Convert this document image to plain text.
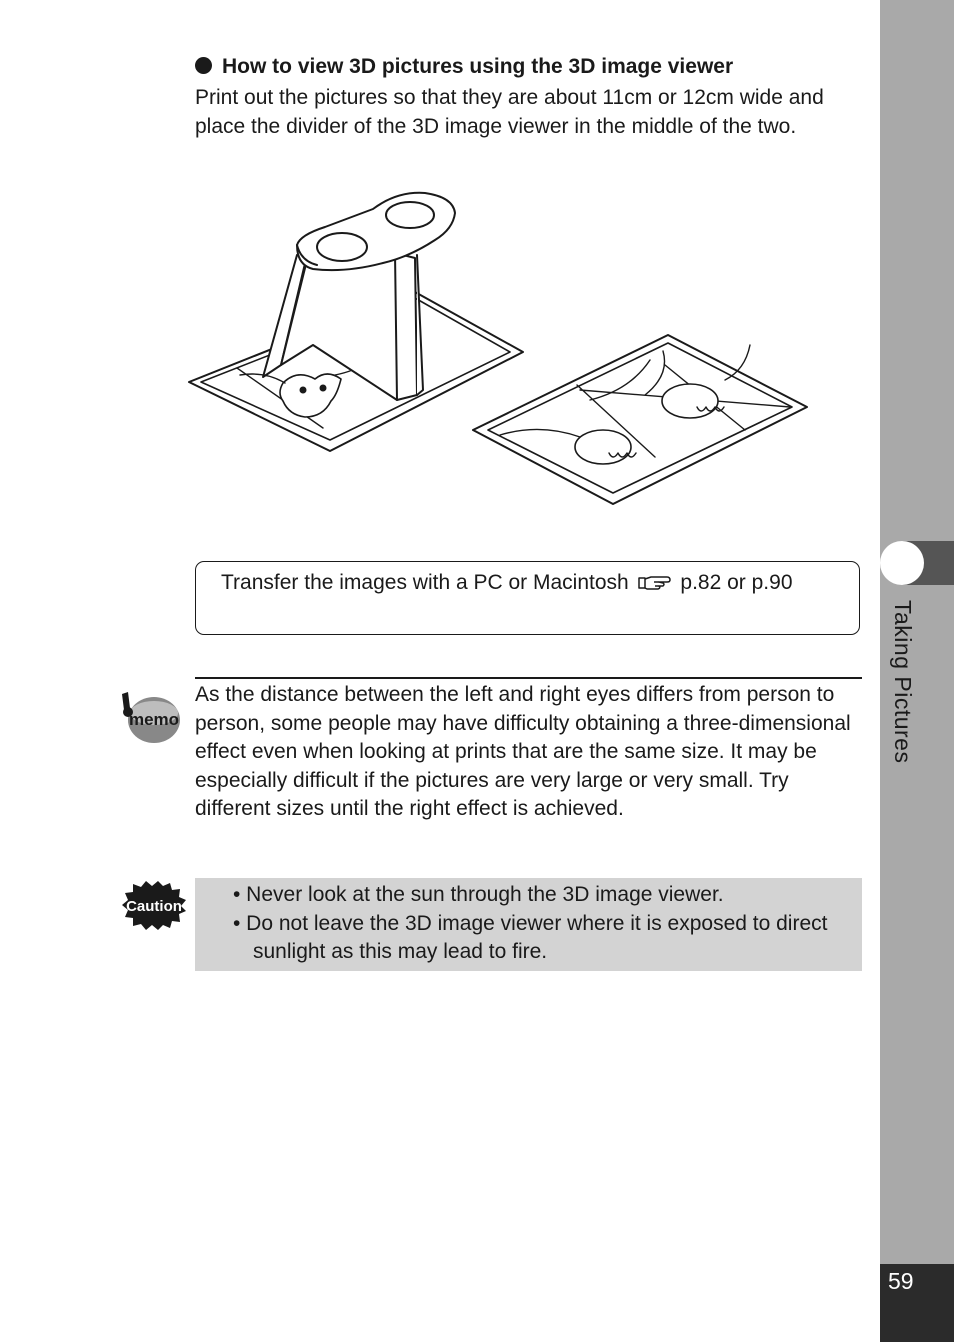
Taking Pictures
59
How to view 3D pictures using the 3D image viewer
Print out the pictures so that they are about 11cm or 12cm wide and place the divider of the 3D image viewer in the middle of the two.
Transfer the images with a PC or Macintosh p.82 or p.90
memo
As the distance between the left and right eyes differs from person to person, some people may have difficulty obtaining a three-dimensional effect even when looking at prints that are the same size. It may be especially difficult if the pictures are very large or very small. Try different sizes until the right effect is achieved.
Caution
• Never look at the sun through the 3D image viewer.
• Do not leave the 3D image viewer where it is exposed to direct sunlight as this may lead to fire.
